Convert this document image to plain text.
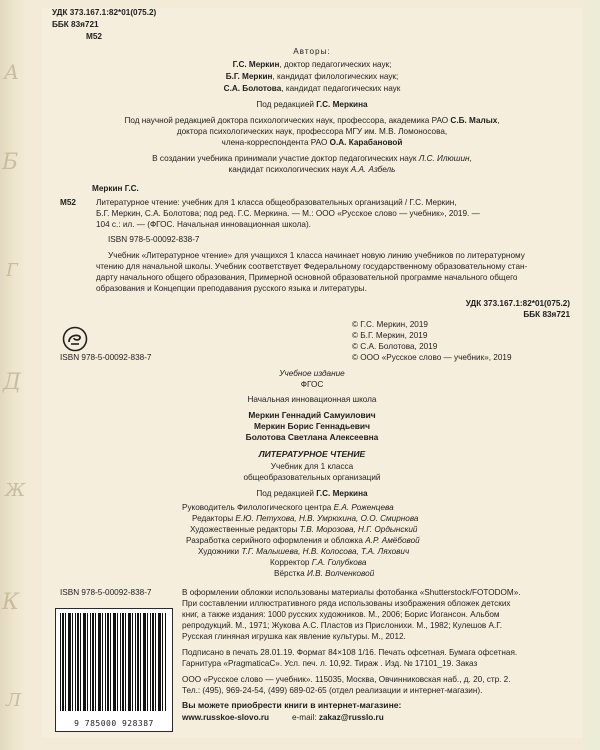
А
Б
Г
Д
Ж
К
Л
УДК 373.167.1:82*01(075.2)
ББК 83я721
М52
Авторы:
Г.С. Меркин, доктор педагогических наук;
Б.Г. Меркин, кандидат филологических наук;
С.А. Болотова, кандидат педагогических наук
Под редакцией Г.С. Меркина
Под научной редакцией доктора психологических наук, профессора, академика РАО С.Б. Малых,
доктора психологических наук, профессора МГУ им. М.В. Ломоносова,
члена-корреспондента РАО О.А. Карабановой
В создании учебника принимали участие доктор педагогических наук Л.С. Илюшин,
кандидат психологических наук А.А. Азбель
Меркин Г.С.
М52 Литературное чтение: учебник для 1 класса общеобразовательных организаций / Г.С. Меркин,
Б.Г. Меркин, С.А. Болотова; под ред. Г.С. Меркина. — М.: ООО «Русское слово — учебник», 2019. —
104 с.: ил. — (ФГОС. Начальная инновационная школа).
ISBN 978-5-00092-838-7
Учебник «Литературное чтение» для учащихся 1 класса начинает новую линию учебников по литературному
чтению для начальной школы. Учебник соответствует Федеральному государственному образовательному стан-
дарту начального общего образования, Примерной основной образовательной программе начального общего
образования и Концепции преподавания русского языка и литературы.
УДК 373.167.1:82*01(075.2)
ББК 83я721
© Г.С. Меркин, 2019
© Б.Г. Меркин, 2019
© С.А. Болотова, 2019
© ООО «Русское слово — учебник», 2019
ISBN 978-5-00092-838-7
Учебное издание
ФГОС
Начальная инновационная школа
Меркин Геннадий Самуилович
Меркин Борис Геннадьевич
Болотова Светлана Алексеевна
ЛИТЕРАТУРНОЕ ЧТЕНИЕ
Учебник для 1 класса
общеобразовательных организаций
Под редакцией Г.С. Меркина
Руководитель Филологического центра Е.А. Роженцева
Редакторы Е.Ю. Петухова, Н.В. Умрюхина, О.О. Смирнова
Художественные редакторы Т.В. Морозова, Н.Г. Ордынский
Разработка серийного оформления и обложка А.Р. Амёбовой
Художники Т.Г. Малышева, Н.В. Колосова, Т.А. Ляхович
Корректор Г.А. Голубкова
Вёрстка И.В. Волченковой
ISBN 978-5-00092-838-7
9 785000 928387
В оформлении обложки использованы материалы фотобанка «Shutterstock/FOTODOM».
При составлении иллюстративного ряда использованы изображения обложек детских
книг, а также издания: 1000 русских художников. М., 2006; Борис Иогансон. Альбом
репродукций. М., 1971; Жукова А.С. Пластов из Прислонихи. М., 1982; Кулешов А.Г.
Русская глиняная игрушка как явление культуры. М., 2012.
Подписано в печать 28.01.19. Формат 84×108 1/16. Печать офсетная. Бумага офсетная.
Гарнитура «PragmaticaC». Усл. печ. л. 10,92. Тираж . Изд. № 17101_19. Заказ
ООО «Русское слово — учебник». 115035, Москва, Овчинниковская наб., д. 20, стр. 2.
Тел.: (495), 969-24-54, (499) 689-02-65 (отдел реализации и интернет-магазин).
Вы можете приобрести книги в интернет-магазине:
www.russkoe-slovo.ru	e-mail: zakaz@russlo.ru
